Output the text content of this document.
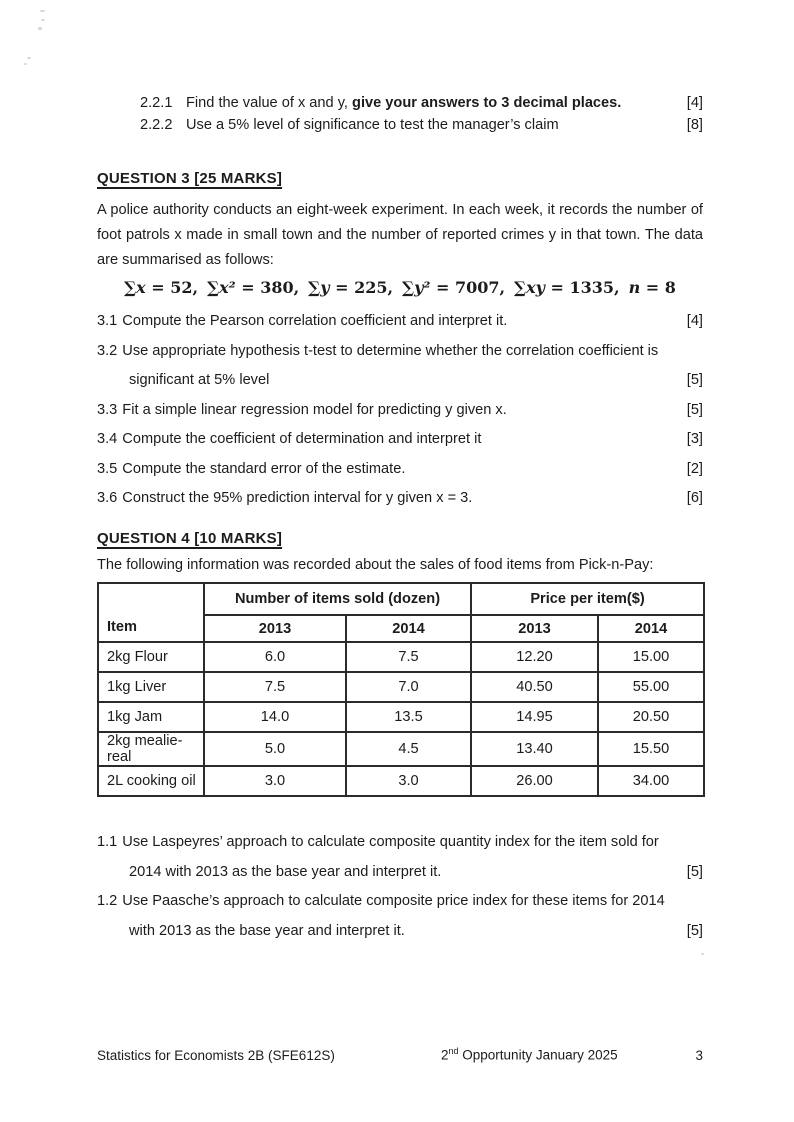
2.2.1 Find the value of x and y, give your answers to 3 decimal places.	[4]
2.2.2 Use a 5% level of significance to test the manager’s claim	[8]
QUESTION 3 [25 MARKS]
A police authority conducts an eight-week experiment. In each week, it records the number of foot patrols x made in small town and the number of reported crimes y in that town. The data are summarised as follows:
∑x = 52, ∑x² = 380, ∑y = 225, ∑y² = 7007, ∑xy = 1335, n = 8
3.1 Compute the Pearson correlation coefficient and interpret it.	[4]
3.2 Use appropriate hypothesis t-test to determine whether the correlation coefficient is
significant at 5% level	[5]
3.3 Fit a simple linear regression model for predicting y given x.	[5]
3.4 Compute the coefficient of determination and interpret it	[3]
3.5 Compute the standard error of the estimate.	[2]
3.6 Construct the 95% prediction interval for y given x = 3.	[6]
QUESTION 4 [10 MARKS]
The following information was recorded about the sales of food items from Pick-n-Pay:
Item	Number of items sold (dozen)		Price per item($)	
	2013	2014	2013	2014
2kg Flour	6.0	7.5	12.20	15.00
1kg Liver	7.5	7.0	40.50	55.00
1kg Jam	14.0	13.5	14.95	20.50
2kg mealie-real	5.0	4.5	13.40	15.50
2L cooking oil	3.0	3.0	26.00	34.00
1.1 Use Laspeyres’ approach to calculate composite quantity index for the item sold for
2014 with 2013 as the base year and interpret it.	[5]
1.2 Use Paasche’s approach to calculate composite price index for these items for 2014
with 2013 as the base year and interpret it.	[5]
Statistics for Economists 2B (SFE612S)	2nd Opportunity January 2025	3
